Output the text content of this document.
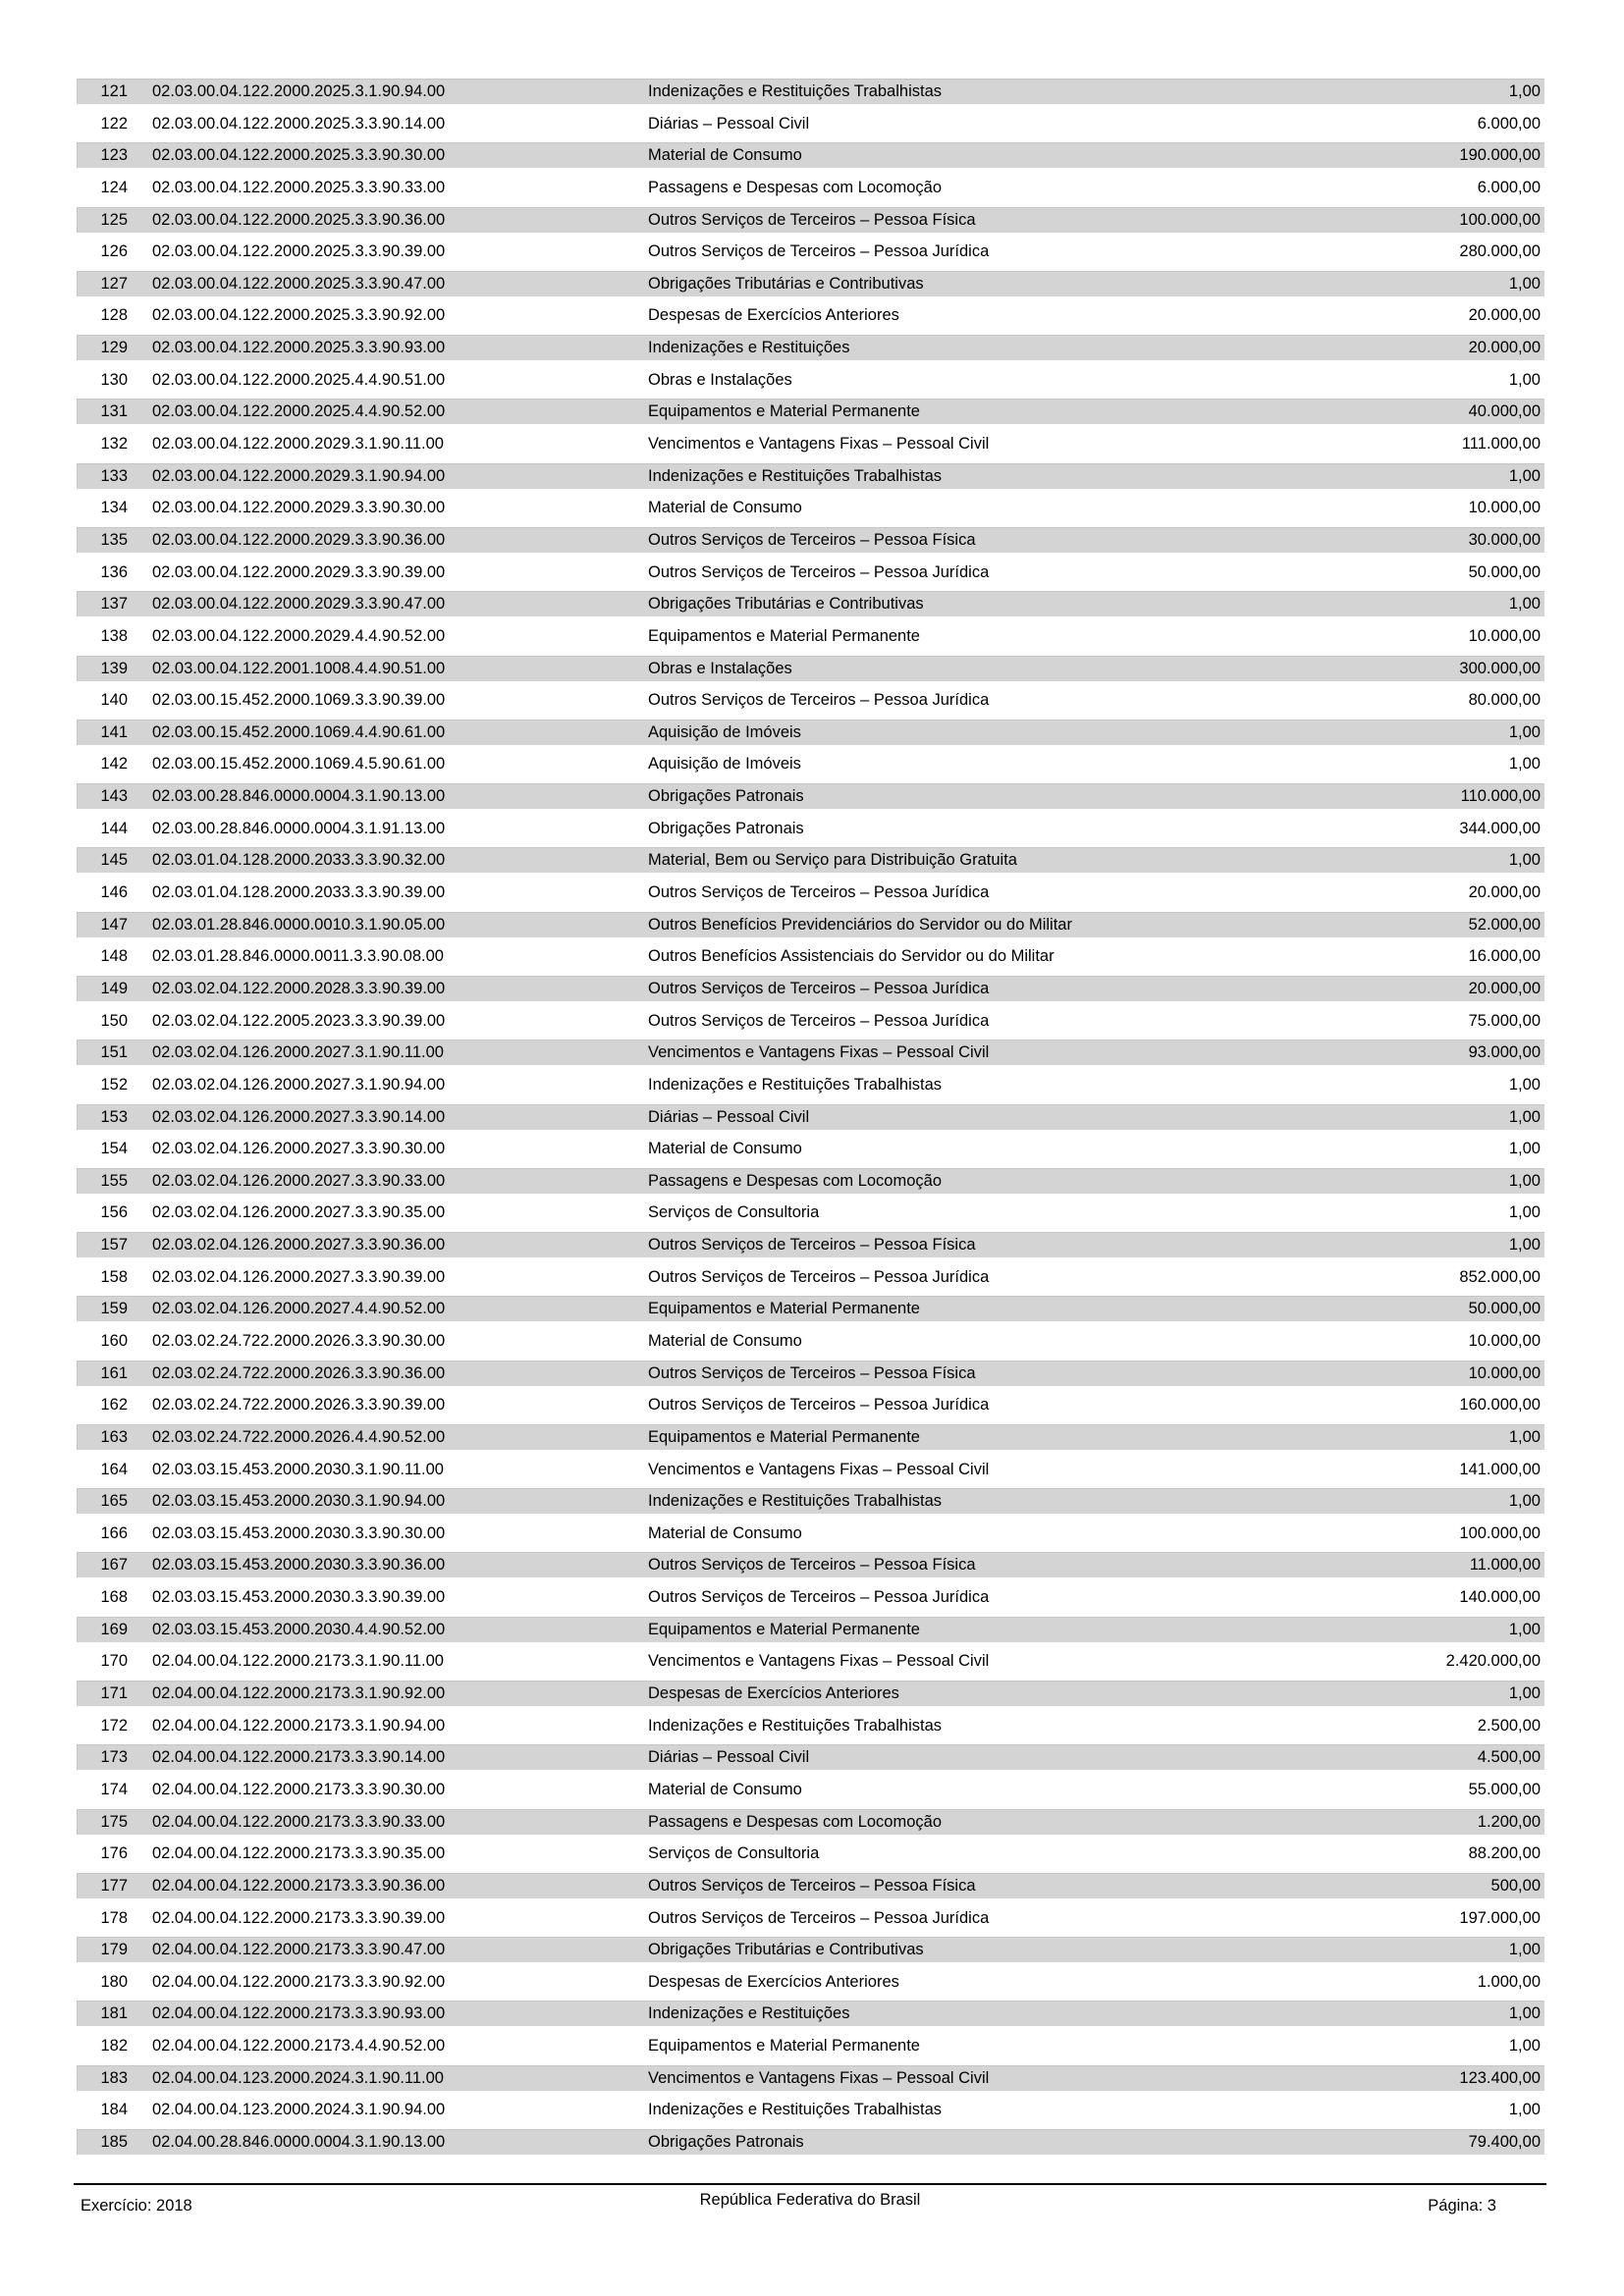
121 02.03.00.04.122.2000.2025.3.1.90.94.00	Indenizações e Restituições Trabalhistas	1,00
122 02.03.00.04.122.2000.2025.3.3.90.14.00	Diárias – Pessoal Civil	6.000,00
123 02.03.00.04.122.2000.2025.3.3.90.30.00	Material de Consumo	190.000,00
124 02.03.00.04.122.2000.2025.3.3.90.33.00	Passagens e Despesas com Locomoção	6.000,00
125 02.03.00.04.122.2000.2025.3.3.90.36.00	Outros Serviços de Terceiros – Pessoa Física	100.000,00
126 02.03.00.04.122.2000.2025.3.3.90.39.00	Outros Serviços de Terceiros – Pessoa Jurídica	280.000,00
127 02.03.00.04.122.2000.2025.3.3.90.47.00	Obrigações Tributárias e Contributivas	1,00
128 02.03.00.04.122.2000.2025.3.3.90.92.00	Despesas de Exercícios Anteriores	20.000,00
129 02.03.00.04.122.2000.2025.3.3.90.93.00	Indenizações e Restituições	20.000,00
130 02.03.00.04.122.2000.2025.4.4.90.51.00	Obras e Instalações	1,00
131 02.03.00.04.122.2000.2025.4.4.90.52.00	Equipamentos e Material Permanente	40.000,00
132 02.03.00.04.122.2000.2029.3.1.90.11.00	Vencimentos e Vantagens Fixas – Pessoal Civil	111.000,00
133 02.03.00.04.122.2000.2029.3.1.90.94.00	Indenizações e Restituições Trabalhistas	1,00
134 02.03.00.04.122.2000.2029.3.3.90.30.00	Material de Consumo	10.000,00
135 02.03.00.04.122.2000.2029.3.3.90.36.00	Outros Serviços de Terceiros – Pessoa Física	30.000,00
136 02.03.00.04.122.2000.2029.3.3.90.39.00	Outros Serviços de Terceiros – Pessoa Jurídica	50.000,00
137 02.03.00.04.122.2000.2029.3.3.90.47.00	Obrigações Tributárias e Contributivas	1,00
138 02.03.00.04.122.2000.2029.4.4.90.52.00	Equipamentos e Material Permanente	10.000,00
139 02.03.00.04.122.2001.1008.4.4.90.51.00	Obras e Instalações	300.000,00
140 02.03.00.15.452.2000.1069.3.3.90.39.00	Outros Serviços de Terceiros – Pessoa Jurídica	80.000,00
141 02.03.00.15.452.2000.1069.4.4.90.61.00	Aquisição de Imóveis	1,00
142 02.03.00.15.452.2000.1069.4.5.90.61.00	Aquisição de Imóveis	1,00
143 02.03.00.28.846.0000.0004.3.1.90.13.00	Obrigações Patronais	110.000,00
144 02.03.00.28.846.0000.0004.3.1.91.13.00	Obrigações Patronais	344.000,00
145 02.03.01.04.128.2000.2033.3.3.90.32.00	Material, Bem ou Serviço para Distribuição Gratuita	1,00
146 02.03.01.04.128.2000.2033.3.3.90.39.00	Outros Serviços de Terceiros – Pessoa Jurídica	20.000,00
147 02.03.01.28.846.0000.0010.3.1.90.05.00	Outros Benefícios Previdenciários do Servidor ou do Militar	52.000,00
148 02.03.01.28.846.0000.0011.3.3.90.08.00	Outros Benefícios Assistenciais do Servidor ou do Militar	16.000,00
149 02.03.02.04.122.2000.2028.3.3.90.39.00	Outros Serviços de Terceiros – Pessoa Jurídica	20.000,00
150 02.03.02.04.122.2005.2023.3.3.90.39.00	Outros Serviços de Terceiros – Pessoa Jurídica	75.000,00
151 02.03.02.04.126.2000.2027.3.1.90.11.00	Vencimentos e Vantagens Fixas – Pessoal Civil	93.000,00
152 02.03.02.04.126.2000.2027.3.1.90.94.00	Indenizações e Restituições Trabalhistas	1,00
153 02.03.02.04.126.2000.2027.3.3.90.14.00	Diárias – Pessoal Civil	1,00
154 02.03.02.04.126.2000.2027.3.3.90.30.00	Material de Consumo	1,00
155 02.03.02.04.126.2000.2027.3.3.90.33.00	Passagens e Despesas com Locomoção	1,00
156 02.03.02.04.126.2000.2027.3.3.90.35.00	Serviços de Consultoria	1,00
157 02.03.02.04.126.2000.2027.3.3.90.36.00	Outros Serviços de Terceiros – Pessoa Física	1,00
158 02.03.02.04.126.2000.2027.3.3.90.39.00	Outros Serviços de Terceiros – Pessoa Jurídica	852.000,00
159 02.03.02.04.126.2000.2027.4.4.90.52.00	Equipamentos e Material Permanente	50.000,00
160 02.03.02.24.722.2000.2026.3.3.90.30.00	Material de Consumo	10.000,00
161 02.03.02.24.722.2000.2026.3.3.90.36.00	Outros Serviços de Terceiros – Pessoa Física	10.000,00
162 02.03.02.24.722.2000.2026.3.3.90.39.00	Outros Serviços de Terceiros – Pessoa Jurídica	160.000,00
163 02.03.02.24.722.2000.2026.4.4.90.52.00	Equipamentos e Material Permanente	1,00
164 02.03.03.15.453.2000.2030.3.1.90.11.00	Vencimentos e Vantagens Fixas – Pessoal Civil	141.000,00
165 02.03.03.15.453.2000.2030.3.1.90.94.00	Indenizações e Restituições Trabalhistas	1,00
166 02.03.03.15.453.2000.2030.3.3.90.30.00	Material de Consumo	100.000,00
167 02.03.03.15.453.2000.2030.3.3.90.36.00	Outros Serviços de Terceiros – Pessoa Física	11.000,00
168 02.03.03.15.453.2000.2030.3.3.90.39.00	Outros Serviços de Terceiros – Pessoa Jurídica	140.000,00
169 02.03.03.15.453.2000.2030.4.4.90.52.00	Equipamentos e Material Permanente	1,00
170 02.04.00.04.122.2000.2173.3.1.90.11.00	Vencimentos e Vantagens Fixas – Pessoal Civil	2.420.000,00
171 02.04.00.04.122.2000.2173.3.1.90.92.00	Despesas de Exercícios Anteriores	1,00
172 02.04.00.04.122.2000.2173.3.1.90.94.00	Indenizações e Restituições Trabalhistas	2.500,00
173 02.04.00.04.122.2000.2173.3.3.90.14.00	Diárias – Pessoal Civil	4.500,00
174 02.04.00.04.122.2000.2173.3.3.90.30.00	Material de Consumo	55.000,00
175 02.04.00.04.122.2000.2173.3.3.90.33.00	Passagens e Despesas com Locomoção	1.200,00
176 02.04.00.04.122.2000.2173.3.3.90.35.00	Serviços de Consultoria	88.200,00
177 02.04.00.04.122.2000.2173.3.3.90.36.00	Outros Serviços de Terceiros – Pessoa Física	500,00
178 02.04.00.04.122.2000.2173.3.3.90.39.00	Outros Serviços de Terceiros – Pessoa Jurídica	197.000,00
179 02.04.00.04.122.2000.2173.3.3.90.47.00	Obrigações Tributárias e Contributivas	1,00
180 02.04.00.04.122.2000.2173.3.3.90.92.00	Despesas de Exercícios Anteriores	1.000,00
181 02.04.00.04.122.2000.2173.3.3.90.93.00	Indenizações e Restituições	1,00
182 02.04.00.04.122.2000.2173.4.4.90.52.00	Equipamentos e Material Permanente	1,00
183 02.04.00.04.123.2000.2024.3.1.90.11.00	Vencimentos e Vantagens Fixas – Pessoal Civil	123.400,00
184 02.04.00.04.123.2000.2024.3.1.90.94.00	Indenizações e Restituições Trabalhistas	1,00
185 02.04.00.28.846.0000.0004.3.1.90.13.00	Obrigações Patronais	79.400,00
Exercício: 2018	República Federativa do Brasil	Página: 3
